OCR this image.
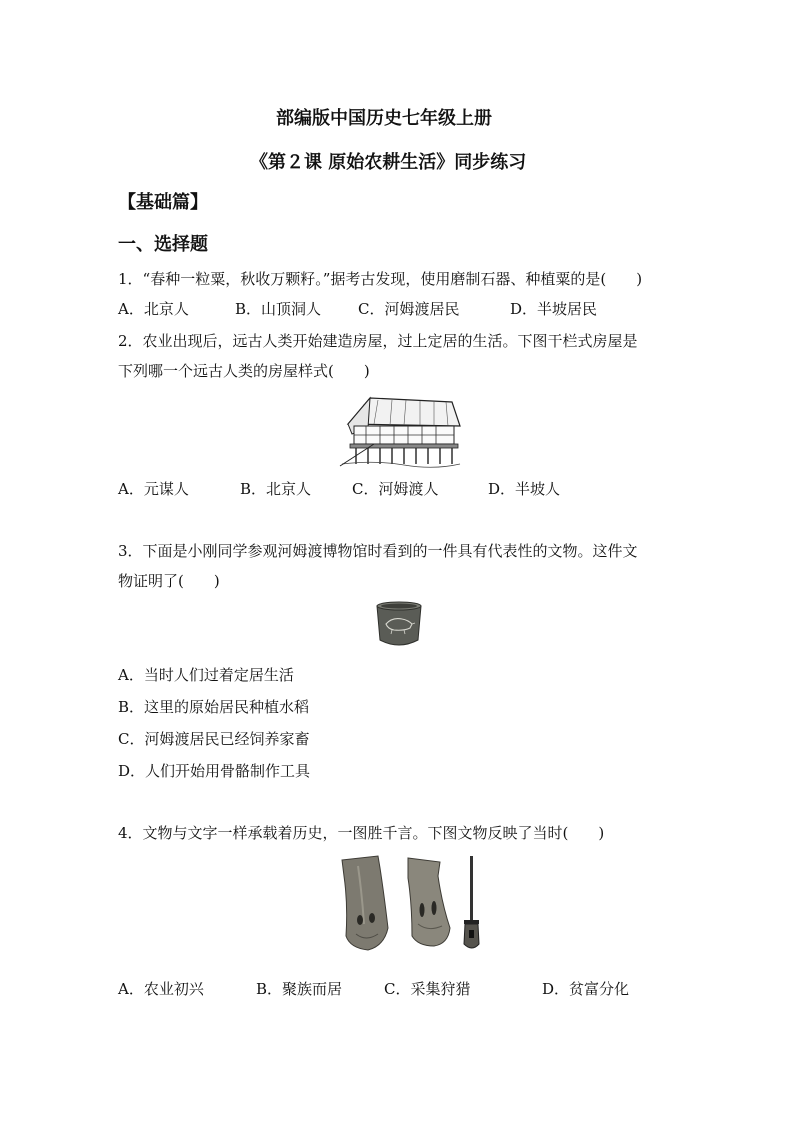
部编版中国历史七年级上册
《第２课 原始农耕生活》同步练习
【基础篇】
一、选择题
1．“春种一粒粟，秋收万颗籽。”据考古发现，使用磨制石器、种植粟的是(　　)
A．北京人	B．山顶洞人 C．河姆渡居民	D．半坡居民
2．农业出现后，远古人类开始建造房屋，过上定居的生活。下图干栏式房屋是
下列哪一个远古人类的房屋样式(　　)
A．元谋人	B．北京人	C．河姆渡人	D．半坡人
3．下面是小刚同学参观河姆渡博物馆时看到的一件具有代表性的文物。这件文
物证明了(　　)
A．当时人们过着定居生活
B．这里的原始居民种植水稻
C．河姆渡居民已经饲养家畜
D．人们开始用骨骼制作工具
4．文物与文字一样承载着历史，一图胜千言。下图文物反映了当时(　　)
A．农业初兴	B．聚族而居	C．采集狩猎	D．贫富分化
